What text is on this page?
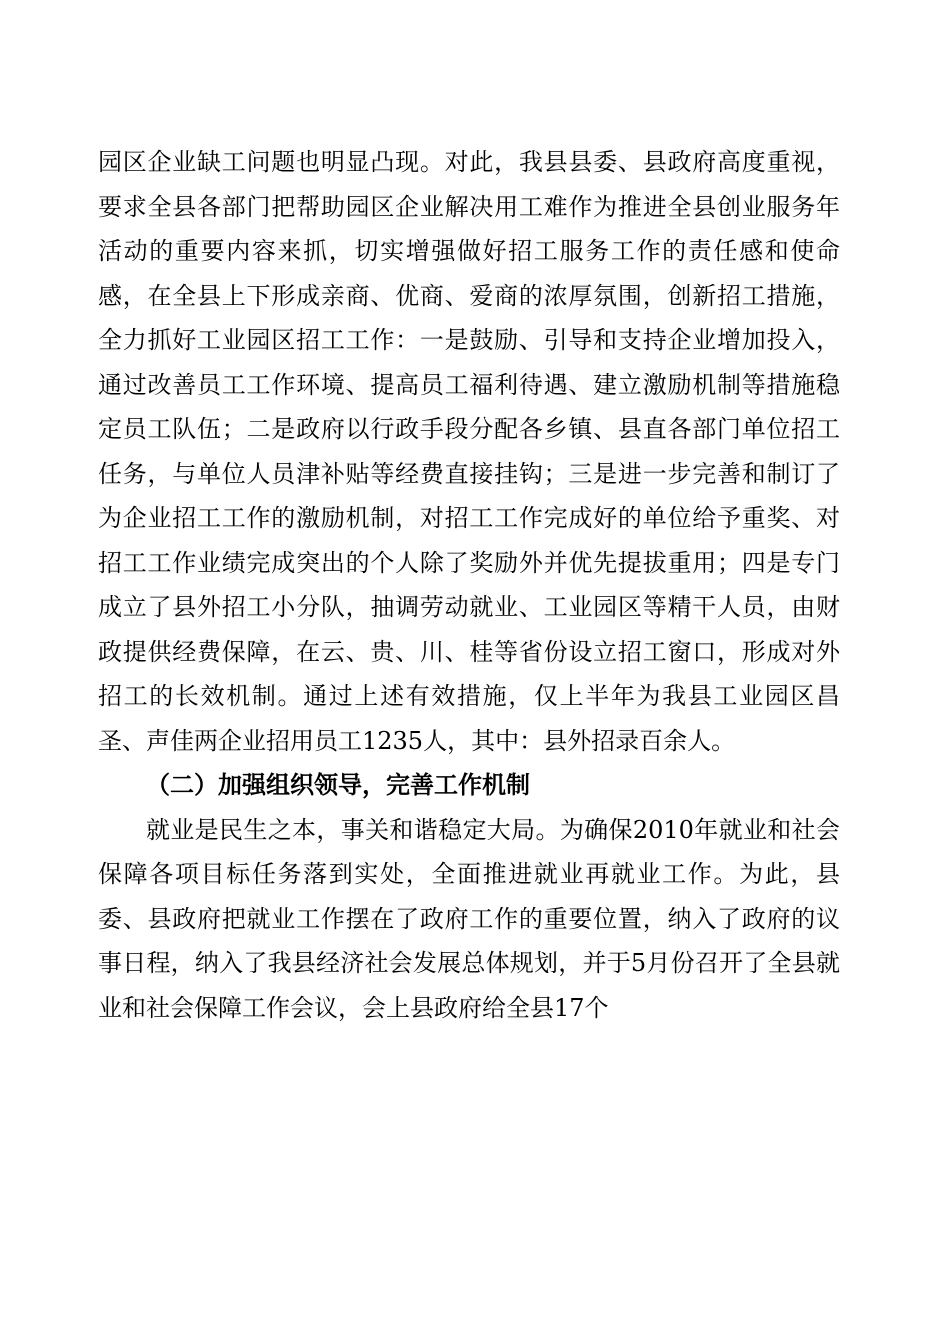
园区企业缺工问题也明显凸现。对此，我县县委、县政府高度重视，要求全县各部门把帮助园区企业解决用工难作为推进全县创业服务年活动的重要内容来抓，切实增强做好招工服务工作的责任感和使命感，在全县上下形成亲商、优商、爱商的浓厚氛围，创新招工措施，全力抓好工业园区招工工作：一是鼓励、引导和支持企业增加投入，通过改善员工工作环境、提高员工福利待遇、建立激励机制等措施稳定员工队伍；二是政府以行政手段分配各乡镇、县直各部门单位招工任务，与单位人员津补贴等经费直接挂钩；三是进一步完善和制订了为企业招工工作的激励机制，对招工工作完成好的单位给予重奖、对招工工作业绩完成突出的个人除了奖励外并优先提拔重用；四是专门成立了县外招工小分队，抽调劳动就业、工业园区等精干人员，由财政提供经费保障，在云、贵、川、桂等省份设立招工窗口，形成对外招工的长效机制。通过上述有效措施，仅上半年为我县工业园区昌圣、声佳两企业招用员工1235人，其中：县外招录百余人。

（二）加强组织领导，完善工作机制

就业是民生之本，事关和谐稳定大局。为确保2010年就业和社会保障各项目标任务落到实处，全面推进就业再就业工作。为此，县委、县政府把就业工作摆在了政府工作的重要位置，纳入了政府的议事日程，纳入了我县经济社会发展总体规划，并于5月份召开了全县就业和社会保障工作会议，会上县政府给全县17个
